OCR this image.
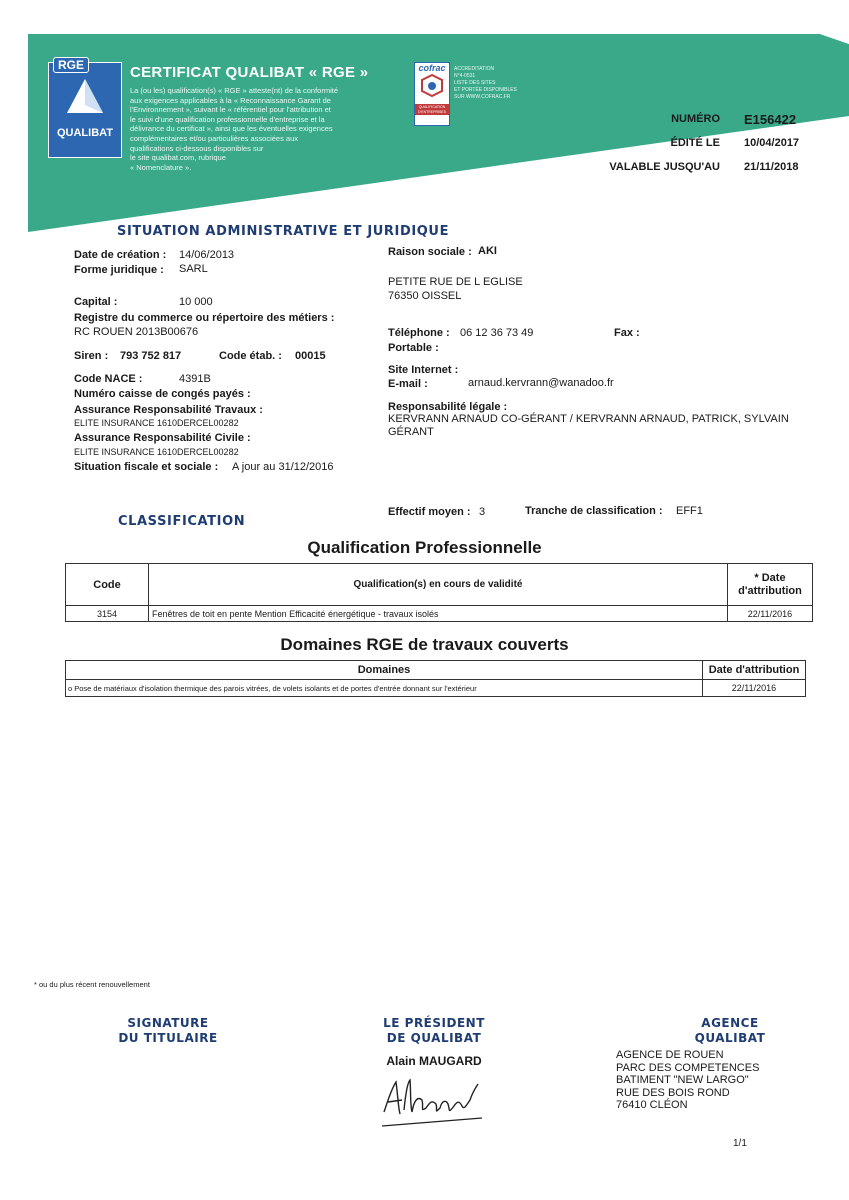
RGE
QUALIBAT
CERTIFICAT QUALIBAT « RGE »
La (ou les) qualification(s) « RGE » atteste(nt) de la conformité
aux exigences applicables à la « Reconnaissance Garant de
l'Environnement », suivant le « référentiel pour l'attribution et
le suivi d'une qualification professionnelle d'entreprise et la
délivrance du certificat », ainsi que les éventuelles exigences
complémentaires et/ou particulières associées aux
qualifications ci-dessous disponibles sur
le site qualibat.com, rubrique
« Nomenclature ».
cofrac
QUALIFICATION D'ENTREPRISES
ACCREDITATION
N°4-0531
LISTE DES SITES
ET PORTÉE DISPONIBLES
SUR WWW.COFRAC.FR
NUMÉRO E156422
ÉDITÉ LE 10/04/2017
VALABLE JUSQU'AU 21/11/2018
SITUATION ADMINISTRATIVE ET JURIDIQUE
Date de création : 14/06/2013
Forme juridique : SARL
Capital :	10 000
Registre du commerce ou répertoire des métiers :
RC ROUEN 2013B00676
Siren : 793 752 817	Code étab. : 00015
Code NACE :	4391B
Numéro caisse de congés payés :
Assurance Responsabilité Travaux :
ELITE INSURANCE 1610DERCEL00282
Assurance Responsabilité Civile :
ELITE INSURANCE 1610DERCEL00282
Situation fiscale et sociale : A jour au 31/12/2016
Raison sociale : AKI
PETITE RUE DE L EGLISE
76350 OISSEL
Téléphone : 06 12 36 73 49	Fax :
Portable :
Site Internet :
E-mail :	arnaud.kervrann@wanadoo.fr
Responsabilité légale :
KERVRANN ARNAUD CO-GÉRANT / KERVRANN ARNAUD, PATRICK, SYLVAIN
GÉRANT
CLASSIFICATION
Effectif moyen : 3	Tranche de classification : EFF1
Qualification Professionnelle
Code	Qualification(s) en cours de validité	* Date
d'attribution

3154	Fenêtres de toit en pente Mention Efficacité énergétique - travaux isolés	22/11/2016
Domaines RGE de travaux couverts
Domaines	Date d'attribution
o Pose de matériaux d'isolation thermique des parois vitrées, de volets isolants et de portes d'entrée donnant sur l'extérieur	22/11/2016
* ou du plus récent renouvellement
SIGNATURE
DU TITULAIRE
LE PRÉSIDENT
DE QUALIBAT
Alain MAUGARD
AGENCE
QUALIBAT
AGENCE DE ROUEN
PARC DES COMPETENCES
BATIMENT "NEW LARGO"
RUE DES BOIS ROND
76410 CLÉON
1/1
